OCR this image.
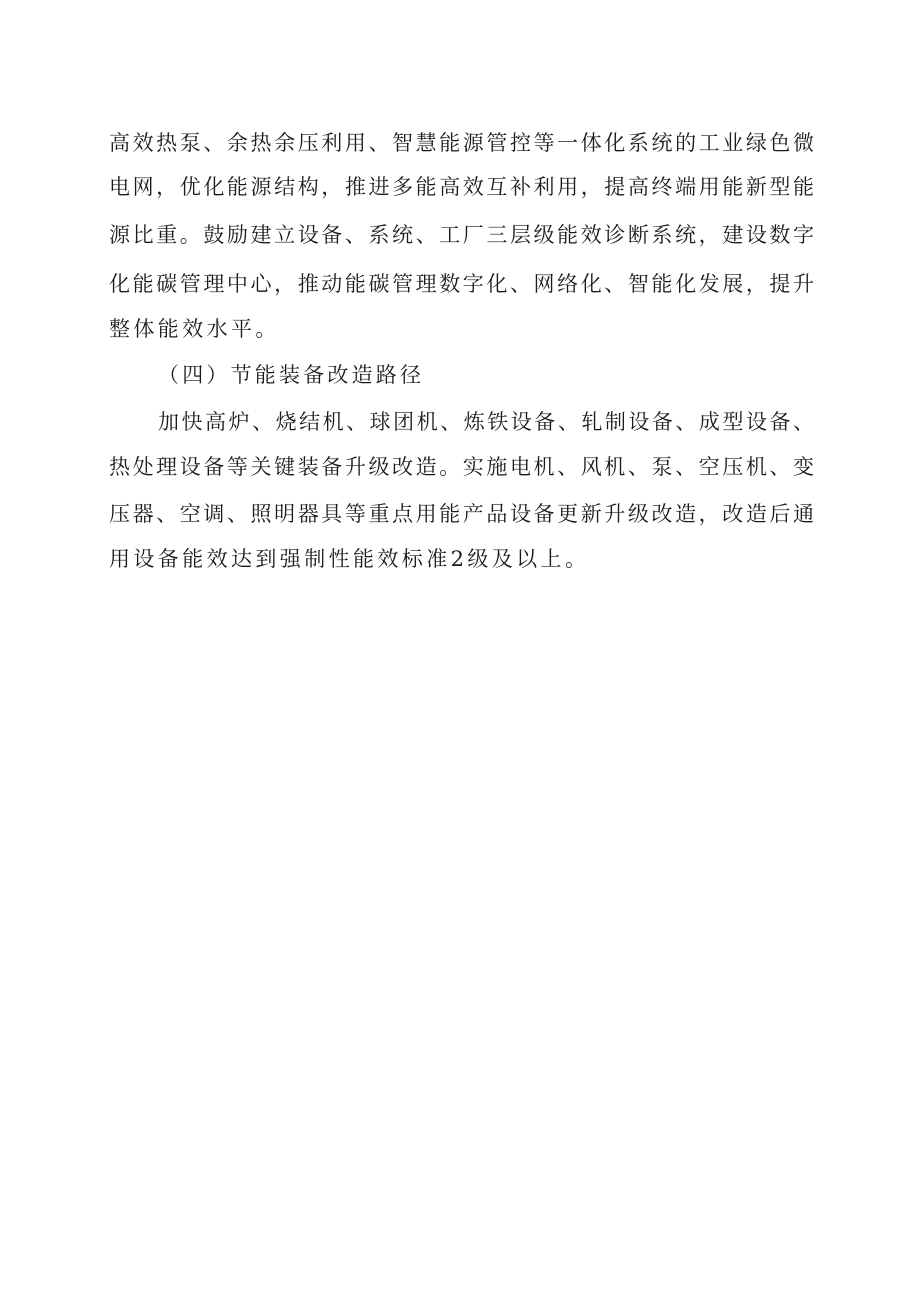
高效热泵、余热余压利用、智慧能源管控等一体化系统的工业绿色微
电网，优化能源结构，推进多能高效互补利用，提高终端用能新型能
源比重。鼓励建立设备、系统、工厂三层级能效诊断系统，建设数字
化能碳管理中心，推动能碳管理数字化、网络化、智能化发展，提升
整体能效水平。
（四）节能装备改造路径
加快高炉、烧结机、球团机、炼铁设备、轧制设备、成型设备、
热处理设备等关键装备升级改造。实施电机、风机、泵、空压机、变
压器、空调、照明器具等重点用能产品设备更新升级改造，改造后通
用设备能效达到强制性能效标准2级及以上。
